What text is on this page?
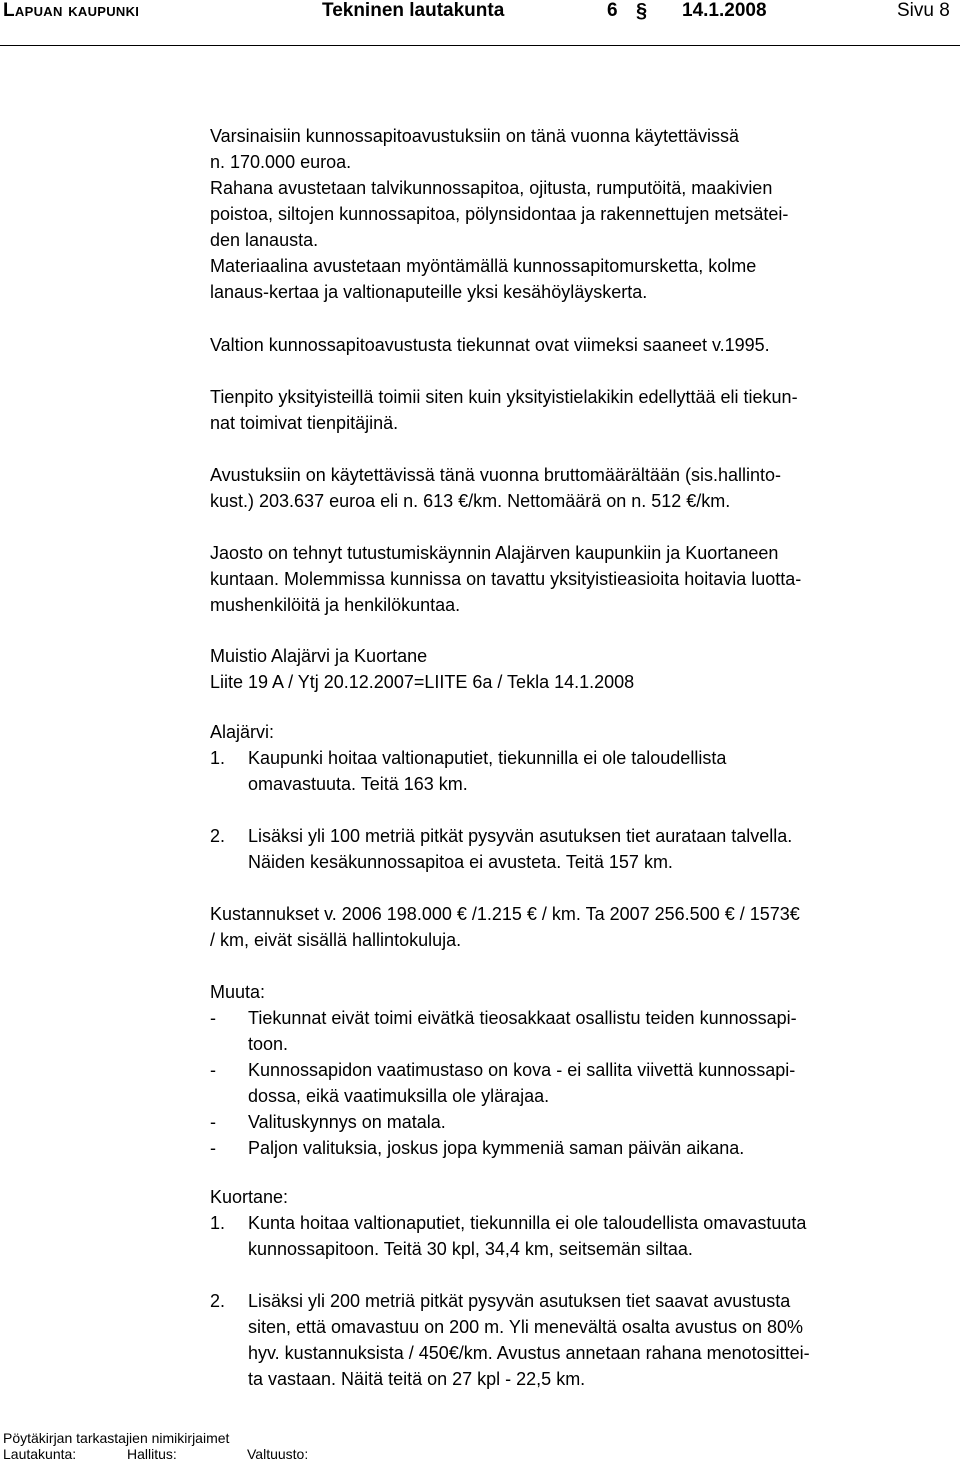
Lapuan kaupunki	Tekninen lautakunta	6 § 14.1.2008	Sivu 8
Varsinaisiin kunnossapitoavustuksiin on tänä vuonna käytettävissä
n. 170.000 euroa.
Rahana avustetaan talvikunnossapitoa, ojitusta, rumputöitä, maakivien
poistoa, siltojen kunnossapitoa, pölynsidontaa ja rakennettujen metsätei-
den lanausta.
Materiaalina avustetaan myöntämällä kunnossapitomursketta, kolme
lanaus-kertaa ja valtionaputeille yksi kesähöyläyskerta.
Valtion kunnossapitoavustusta tiekunnat ovat viimeksi saaneet v.1995.
Tienpito yksityisteillä toimii siten kuin yksityistielakikin edellyttää eli tiekun-
nat toimivat tienpitäjinä.
Avustuksiin on käytettävissä tänä vuonna bruttomäärältään (sis.hallinto-
kust.) 203.637 euroa eli n. 613 €/km. Nettomäärä on n. 512 €/km.
Jaosto on tehnyt tutustumiskäynnin Alajärven kaupunkiin ja Kuortaneen
kuntaan. Molemmissa kunnissa on tavattu yksityistieasioita hoitavia luotta-
mushenkilöitä ja henkilökuntaa.
Muistio Alajärvi ja Kuortane
Liite 19 A / Ytj 20.12.2007=LIITE 6a / Tekla 14.1.2008
Alajärvi:
1.	Kaupunki hoitaa valtionaputiet, tiekunnilla ei ole taloudellista
omavastuuta. Teitä 163 km.
2.	Lisäksi yli 100 metriä pitkät pysyvän asutuksen tiet aurataan talvella.
Näiden kesäkunnossapitoa ei avusteta. Teitä 157 km.
Kustannukset v. 2006 198.000 € /1.215 € / km. Ta 2007 256.500 € / 1573€
/ km, eivät sisällä hallintokuluja.
Muuta:
-	Tiekunnat eivät toimi eivätkä tieosakkaat osallistu teiden kunnossapi-
toon.
-	Kunnossapidon vaatimustaso on kova - ei sallita viivettä kunnossapi-
dossa, eikä vaatimuksilla ole ylärajaa.
-	Valituskynnys on matala.
-	Paljon valituksia, joskus jopa kymmeniä saman päivän aikana.
Kuortane:
1.	Kunta hoitaa valtionaputiet, tiekunnilla ei ole taloudellista omavastuuta
kunnossapitoon. Teitä 30 kpl, 34,4 km, seitsemän siltaa.
2.	Lisäksi yli 200 metriä pitkät pysyvän asutuksen tiet saavat avustusta
siten, että omavastuu on 200 m. Yli menevältä osalta avustus on 80%
hyv. kustannuksista / 450€/km. Avustus annetaan rahana menotosittei-
ta vastaan. Näitä teitä on 27 kpl - 22,5 km.
Pöytäkirjan tarkastajien nimikirjaimet
Lautakunta:	Hallitus:	Valtuusto:
